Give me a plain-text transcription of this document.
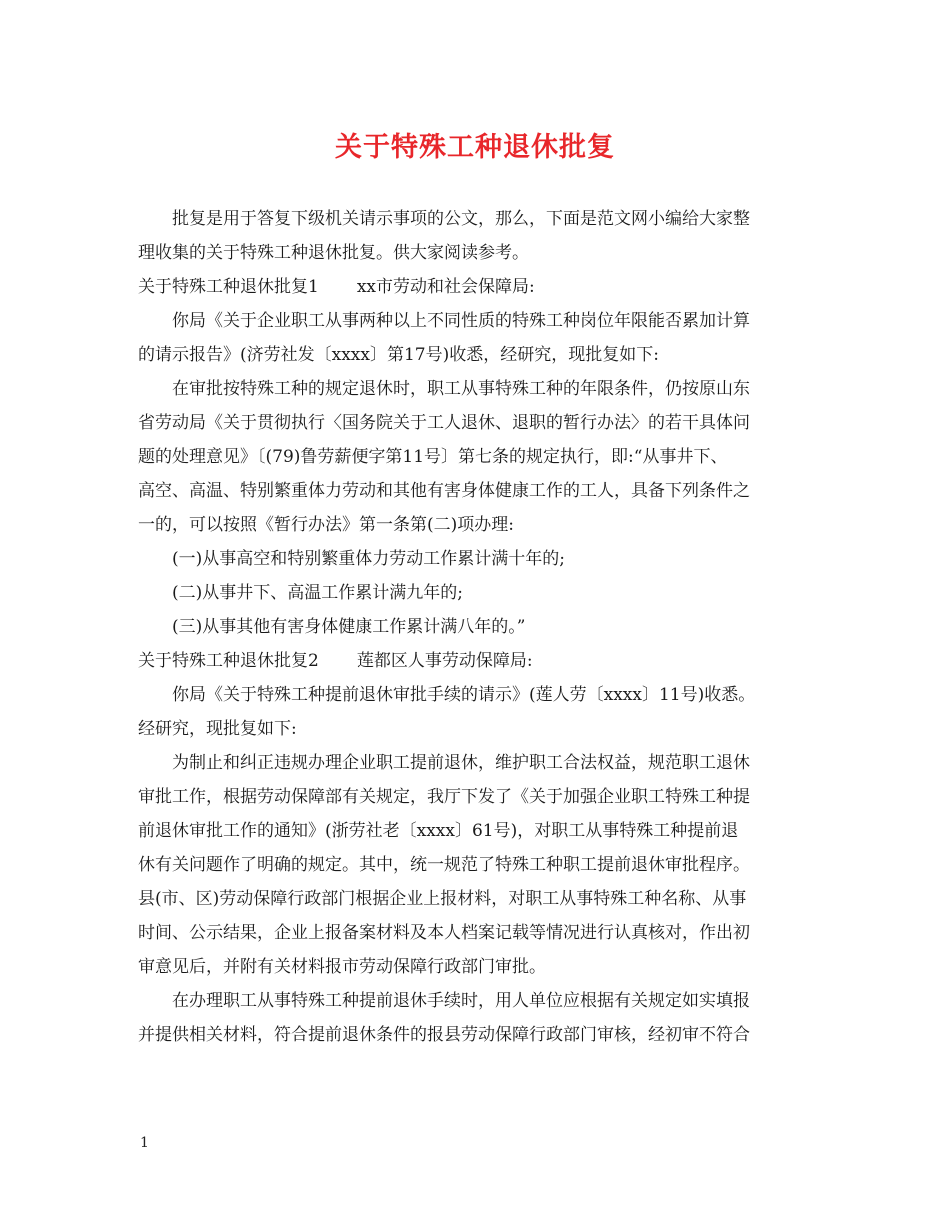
关于特殊工种退休批复
批复是用于答复下级机关请示事项的公文，那么，下面是范文网小编给大家整
理收集的关于特殊工种退休批复。供大家阅读参考。
关于特殊工种退休批复1 xx市劳动和社会保障局:
你局《关于企业职工从事两种以上不同性质的特殊工种岗位年限能否累加计算
的请示报告》(济劳社发〔xxxx〕第17号)收悉，经研究，现批复如下:
在审批按特殊工种的规定退休时，职工从事特殊工种的年限条件，仍按原山东
省劳动局《关于贯彻执行〈国务院关于工人退休、退职的暂行办法〉的若干具体问
题的处理意见》〔(79)鲁劳薪便字第11号〕第七条的规定执行，即:“从事井下、
高空、高温、特别繁重体力劳动和其他有害身体健康工作的工人，具备下列条件之
一的，可以按照《暂行办法》第一条第(二)项办理:
(一)从事高空和特别繁重体力劳动工作累计满十年的;
(二)从事井下、高温工作累计满九年的;
(三)从事其他有害身体健康工作累计满八年的。”
关于特殊工种退休批复2 莲都区人事劳动保障局:
你局《关于特殊工种提前退休审批手续的请示》(莲人劳〔xxxx〕11号)收悉。
经研究，现批复如下:
为制止和纠正违规办理企业职工提前退休，维护职工合法权益，规范职工退休
审批工作，根据劳动保障部有关规定，我厅下发了《关于加强企业职工特殊工种提
前退休审批工作的通知》(浙劳社老〔xxxx〕61号)，对职工从事特殊工种提前退
休有关问题作了明确的规定。其中，统一规范了特殊工种职工提前退休审批程序。
县(市、区)劳动保障行政部门根据企业上报材料，对职工从事特殊工种名称、从事
时间、公示结果，企业上报备案材料及本人档案记载等情况进行认真核对，作出初
审意见后，并附有关材料报市劳动保障行政部门审批。
在办理职工从事特殊工种提前退休手续时，用人单位应根据有关规定如实填报
并提供相关材料，符合提前退休条件的报县劳动保障行政部门审核，经初审不符合
1
